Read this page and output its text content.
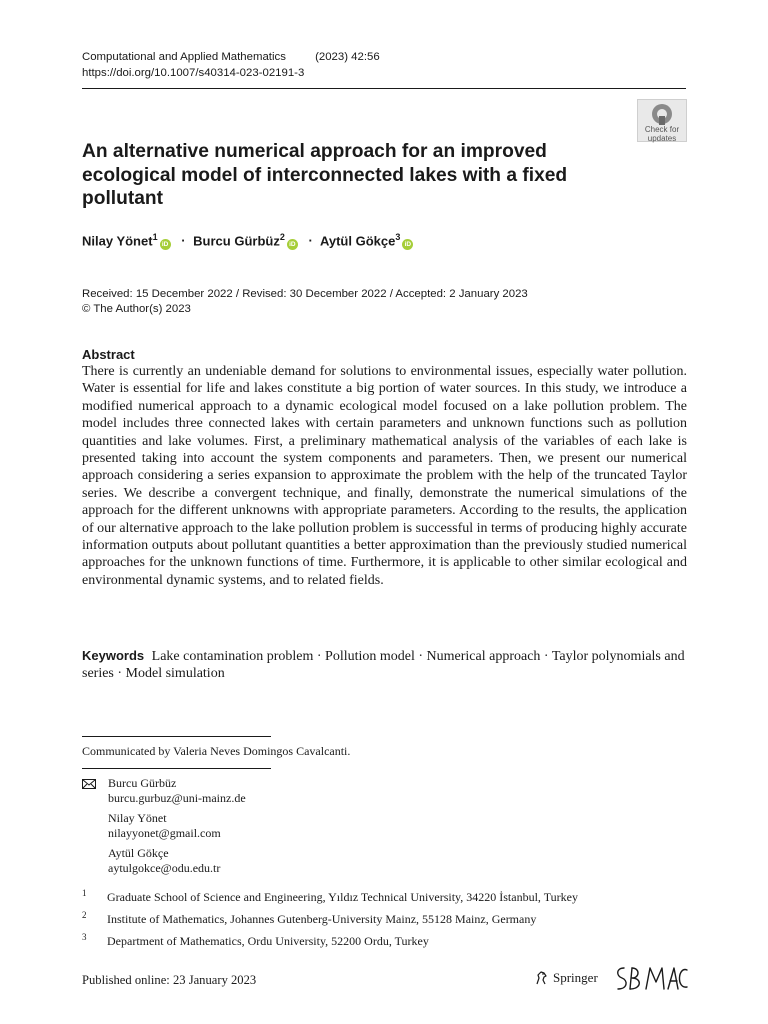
Computational and Applied Mathematics	(2023) 42:56
https://doi.org/10.1007/s40314-023-02191-3
Check for
updates
An alternative numerical approach for an improved ecological model of interconnected lakes with a fixed pollutant
Nilay Yönet$^1$iD · Burcu Gürbüz$^2$iD · Aytül Gökçe$^3$iD
Received: 15 December 2022 / Revised: 30 December 2022 / Accepted: 2 January 2023
© The Author(s) 2023
Abstract

There is currently an undeniable demand for solutions to environmental issues, especially water pollution. Water is essential for life and lakes constitute a big portion of water sources. In this study, we introduce a modified numerical approach to a dynamic ecological model focused on a lake pollution problem. The model includes three connected lakes with certain parameters and unknown functions such as pollution quantities and lake volumes. First, a preliminary mathematical analysis of the variables of each lake is presented taking into account the system components and parameters. Then, we present our numerical approach considering a series expansion to approximate the problem with the help of the truncated Taylor series. We describe a convergent technique, and finally, demonstrate the numerical simulations of the approach for the different unknowns with appropriate parameters. According to the results, the application of our alternative approach to the lake pollution problem is successful in terms of producing highly accurate information outputs about pollutant quantities a better approximation than the previously studied numerical approaches for the unknown functions of time. Furthermore, it is applicable to other similar ecological and environmental dynamic systems, and to related fields.

Keywords Lake contamination problem · Pollution model · Numerical approach · Taylor polynomials and series · Model simulation

Communicated by Valeria Neves Domingos Cavalcanti.
Burcu Gürbüz
burcu.gurbuz@uni-mainz.de
Nilay Yönet
nilayyonet@gmail.com
Aytül Gökçe
aytulgokce@odu.edu.tr
1 Graduate School of Science and Engineering, Yıldız Technical University, 34220 İstanbul, Turkey
2 Institute of Mathematics, Johannes Gutenberg-University Mainz, 55128 Mainz, Germany
3 Department of Mathematics, Ordu University, 52200 Ordu, Turkey
Published online: 23 January 2023	Springer
